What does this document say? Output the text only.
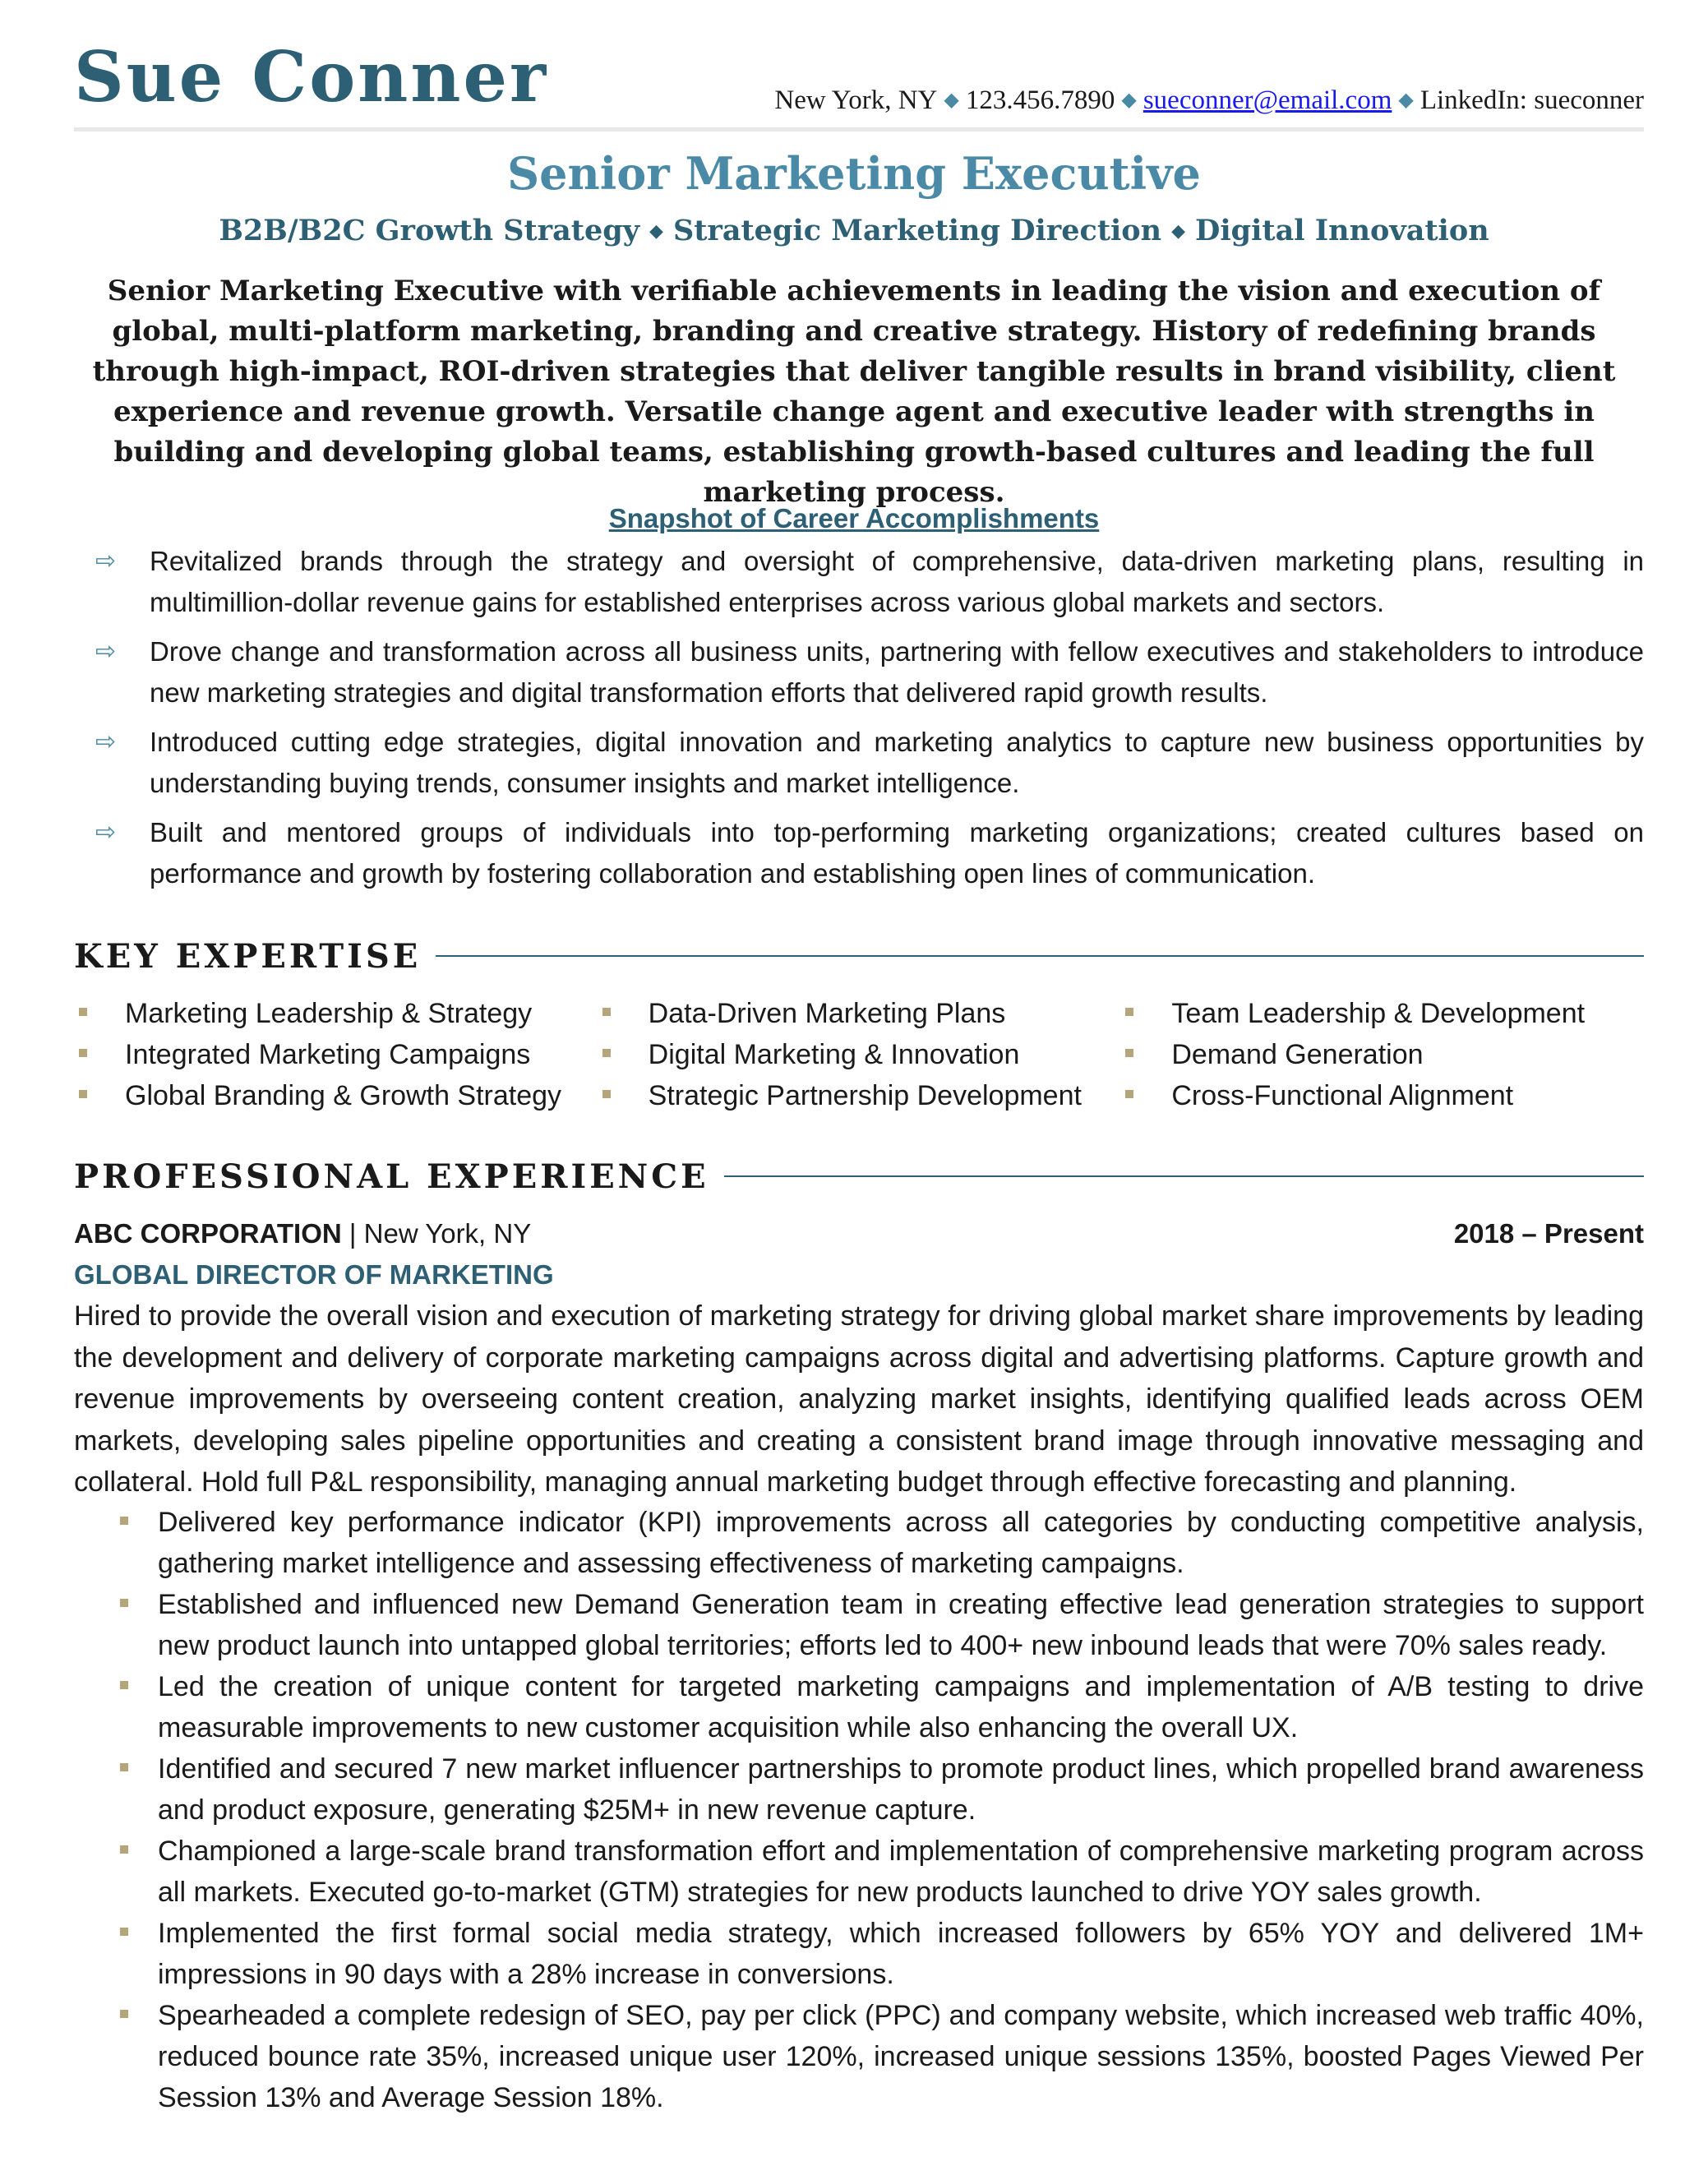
Sue Conner	New York, NY ◆ 123.456.7890 ◆ sueconner@email.com ◆ LinkedIn: sueconner
Senior Marketing Executive
B2B/B2C Growth Strategy ◆ Strategic Marketing Direction ◆ Digital Innovation
Senior Marketing Executive with verifiable achievements in leading the vision and execution of global, multi-platform marketing, branding and creative strategy. History of redefining brands through high-impact, ROI-driven strategies that deliver tangible results in brand visibility, client experience and revenue growth. Versatile change agent and executive leader with strengths in building and developing global teams, establishing growth-based cultures and leading the full marketing process.
Snapshot of Career Accomplishments
⇨ Revitalized brands through the strategy and oversight of comprehensive, data-driven marketing plans, resulting in multimillion-dollar revenue gains for established enterprises across various global markets and sectors.
⇨ Drove change and transformation across all business units, partnering with fellow executives and stakeholders to introduce new marketing strategies and digital transformation efforts that delivered rapid growth results.
⇨ Introduced cutting edge strategies, digital innovation and marketing analytics to capture new business opportunities by understanding buying trends, consumer insights and market intelligence.
⇨ Built and mentored groups of individuals into top-performing marketing organizations; created cultures based on performance and growth by fostering collaboration and establishing open lines of communication.
KEY EXPERTISE
Marketing Leadership & Strategy
Integrated Marketing Campaigns
Global Branding & Growth Strategy
Data-Driven Marketing Plans
Digital Marketing & Innovation
Strategic Partnership Development
Team Leadership & Development
Demand Generation
Cross-Functional Alignment
PROFESSIONAL EXPERIENCE
ABC CORPORATION | New York, NY	2018 – Present
GLOBAL DIRECTOR OF MARKETING
Hired to provide the overall vision and execution of marketing strategy for driving global market share improvements by leading the development and delivery of corporate marketing campaigns across digital and advertising platforms. Capture growth and revenue improvements by overseeing content creation, analyzing market insights, identifying qualified leads across OEM markets, developing sales pipeline opportunities and creating a consistent brand image through innovative messaging and collateral. Hold full P&L responsibility, managing annual marketing budget through effective forecasting and planning.
Delivered key performance indicator (KPI) improvements across all categories by conducting competitive analysis, gathering market intelligence and assessing effectiveness of marketing campaigns.
Established and influenced new Demand Generation team in creating effective lead generation strategies to support new product launch into untapped global territories; efforts led to 400+ new inbound leads that were 70% sales ready.
Led the creation of unique content for targeted marketing campaigns and implementation of A/B testing to drive measurable improvements to new customer acquisition while also enhancing the overall UX.
Identified and secured 7 new market influencer partnerships to promote product lines, which propelled brand awareness and product exposure, generating $25M+ in new revenue capture.
Championed a large-scale brand transformation effort and implementation of comprehensive marketing program across all markets. Executed go-to-market (GTM) strategies for new products launched to drive YOY sales growth.
Implemented the first formal social media strategy, which increased followers by 65% YOY and delivered 1M+ impressions in 90 days with a 28% increase in conversions.
Spearheaded a complete redesign of SEO, pay per click (PPC) and company website, which increased web traffic 40%, reduced bounce rate 35%, increased unique user 120%, increased unique sessions 135%, boosted Pages Viewed Per Session 13% and Average Session 18%.
